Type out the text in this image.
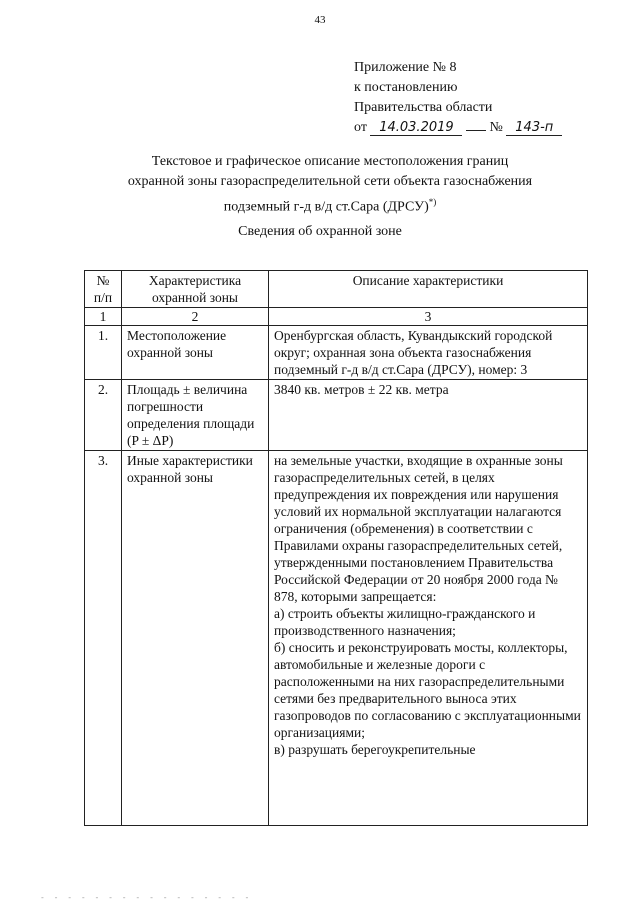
43
Приложение № 8
к постановлению
Правительства области
от 14.03.2019	№ 143-п
Текстовое и графическое описание местоположения границ
охранной зоны газораспределительной сети объекта газоснабжения
подземный г-д в/д ст.Сара (ДРСУ)*)
Сведения об охранной зоне
№ п/п	Характеристика охранной зоны	Описание характеристики
1	2	3
1.	Местоположение охранной зоны	Оренбургская область, Кувандыкский городской округ; охранная зона объекта газоснабжения подземный г-д в/д ст.Сара (ДРСУ), номер: 3
2.	Площадь ± величина погрешности определения площади (P ± ΔP)	3840 кв. метров ± 22 кв. метра
3.	Иные характеристики охранной зоны	на земельные участки, входящие в охранные зоны газораспределительных сетей, в целях предупреждения их повреждения или нарушения условий их нормальной эксплуатации налагаются ограничения (обременения) в соответствии с Правилами охраны газораспределительных сетей, утвержденными постановлением Правительства Российской Федерации от 20 ноября 2000 года № 878, которыми запрещается:
а) строить объекты жилищно-гражданского и производственного назначения;
б) сносить и реконструировать мосты, коллекторы, автомобильные и железные дороги с расположенными на них газораспределительными сетями без предварительного выноса этих газопроводов по согласованию с эксплуатационными организациями;
в) разрушать берегоукрепительные
- - - - - - - - - - - - - - - -
